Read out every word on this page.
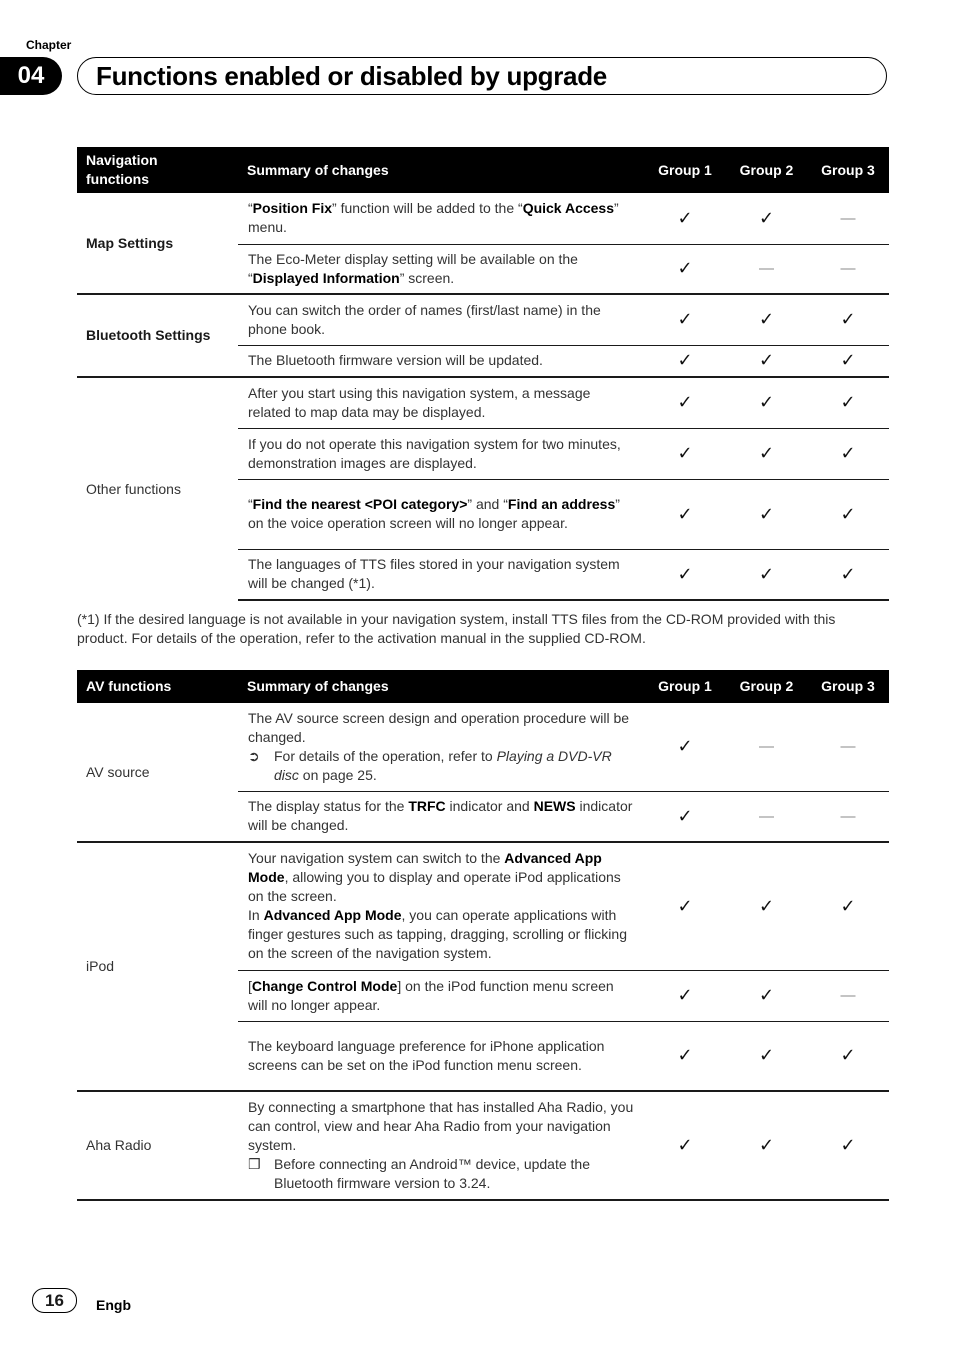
Chapter
04	Functions enabled or disabled by upgrade
Navigation functions	Summary of changes	Group 1	Group 2	Group 3
Map Settings	“Position Fix” function will be added to the “Quick Access” menu.	✓	✓	—
	The Eco-Meter display setting will be available on the “Displayed Information” screen.	✓	—	—
Bluetooth Settings	You can switch the order of names (first/last name) in the phone book.	✓	✓	✓
	The Bluetooth firmware version will be updated.	✓	✓	✓
Other functions	After you start using this navigation system, a message related to map data may be displayed.	✓	✓	✓
	If you do not operate this navigation system for two minutes, demonstration images are displayed.	✓	✓	✓
	“Find the nearest <POI category>” and “Find an address” on the voice operation screen will no longer appear.	✓	✓	✓
	The languages of TTS files stored in your navigation system will be changed (*1).	✓	✓	✓
(*1) If the desired language is not available in your navigation system, install TTS files from the CD-ROM provided with this product. For details of the operation, refer to the activation manual in the supplied CD-ROM.
AV functions	Summary of changes	Group 1	Group 2	Group 3
AV source	The AV source screen design and operation procedure will be changed.
➲ For details of the operation, refer to Playing a DVD-VR disc on page 25.	✓	—	—
	The display status for the TRFC indicator and NEWS indicator will be changed.	✓	—	—
iPod	Your navigation system can switch to the Advanced App Mode, allowing you to display and operate iPod applications on the screen.
In Advanced App Mode, you can operate applications with finger gestures such as tapping, dragging, scrolling or flicking on the screen of the navigation system.	✓	✓	✓
	[Change Control Mode] on the iPod function menu screen will no longer appear.	✓	✓	—
	The keyboard language preference for iPhone application screens can be set on the iPod function menu screen.	✓	✓	✓
Aha Radio	By connecting a smartphone that has installed Aha Radio, you can control, view and hear Aha Radio from your navigation system.
❒ Before connecting an Android™ device, update the Bluetooth firmware version to 3.24.	✓	✓	✓
16	Engb
